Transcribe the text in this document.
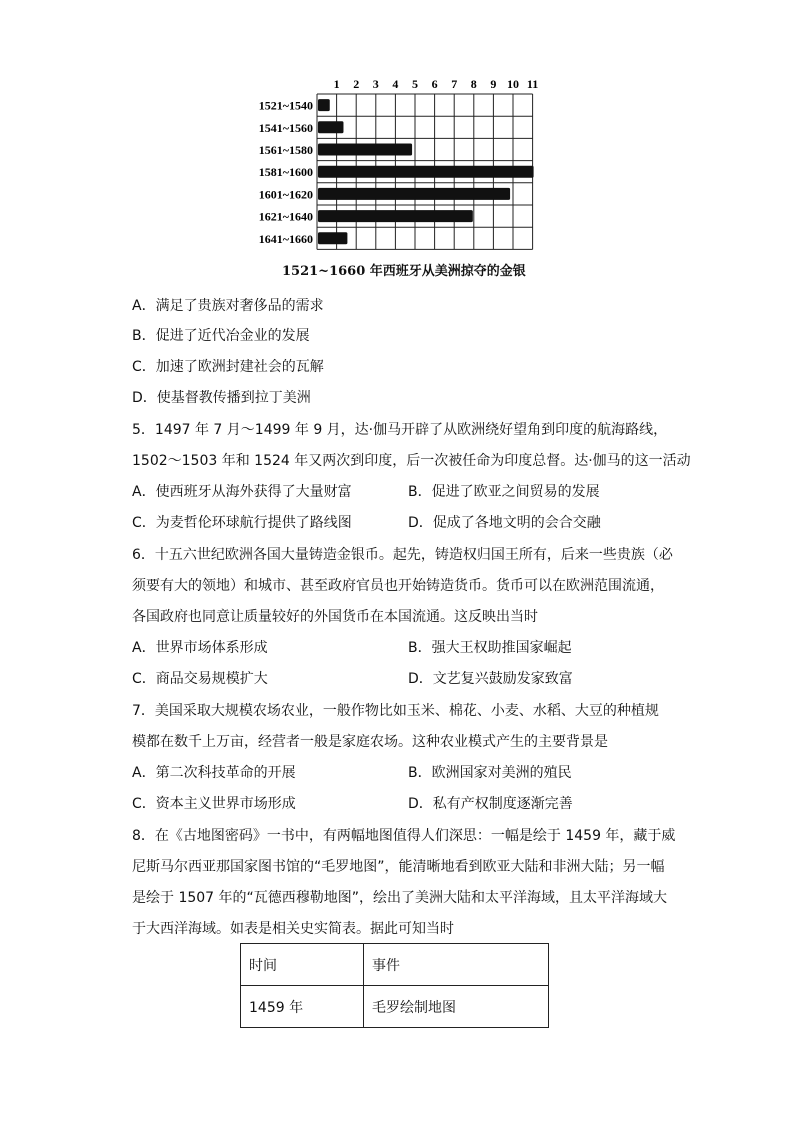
1 2 3 4 5 6 7 8 9 10 11
1521~1540
1541~1560
1561~1580
1581~1600
1601~1620
1621~1640
1641~1660
1521~1660 年西班牙从美洲掠夺的金银
A．满足了贵族对奢侈品的需求
B．促进了近代冶金业的发展
C．加速了欧洲封建社会的瓦解
D．使基督教传播到拉丁美洲
5．1497 年 7 月～1499 年 9 月，达·伽马开辟了从欧洲绕好望角到印度的航海路线，
1502～1503 年和 1524 年又两次到印度，后一次被任命为印度总督。达·伽马的这一活动
A．使西班牙从海外获得了大量财富	B．促进了欧亚之间贸易的发展
C．为麦哲伦环球航行提供了路线图	D．促成了各地文明的会合交融
6．十五六世纪欧洲各国大量铸造金银币。起先，铸造权归国王所有，后来一些贵族（必
须要有大的领地）和城市、甚至政府官员也开始铸造货币。货币可以在欧洲范围流通，
各国政府也同意让质量较好的外国货币在本国流通。这反映出当时
A．世界市场体系形成	B．强大王权助推国家崛起
C．商品交易规模扩大	D．文艺复兴鼓励发家致富
7．美国采取大规模农场农业，一般作物比如玉米、棉花、小麦、水稻、大豆的种植规
模都在数千上万亩，经营者一般是家庭农场。这种农业模式产生的主要背景是
A．第二次科技革命的开展	B．欧洲国家对美洲的殖民
C．资本主义世界市场形成	D．私有产权制度逐渐完善
8．在《古地图密码》一书中，有两幅地图值得人们深思：一幅是绘于 1459 年，藏于威
尼斯马尔西亚那国家图书馆的“毛罗地图”，能清晰地看到欧亚大陆和非洲大陆；另一幅
是绘于 1507 年的“瓦德西穆勒地图”，绘出了美洲大陆和太平洋海域，且太平洋海域大
于大西洋海域。如表是相关史实简表。据此可知当时
时间	事件
1459 年	毛罗绘制地图
